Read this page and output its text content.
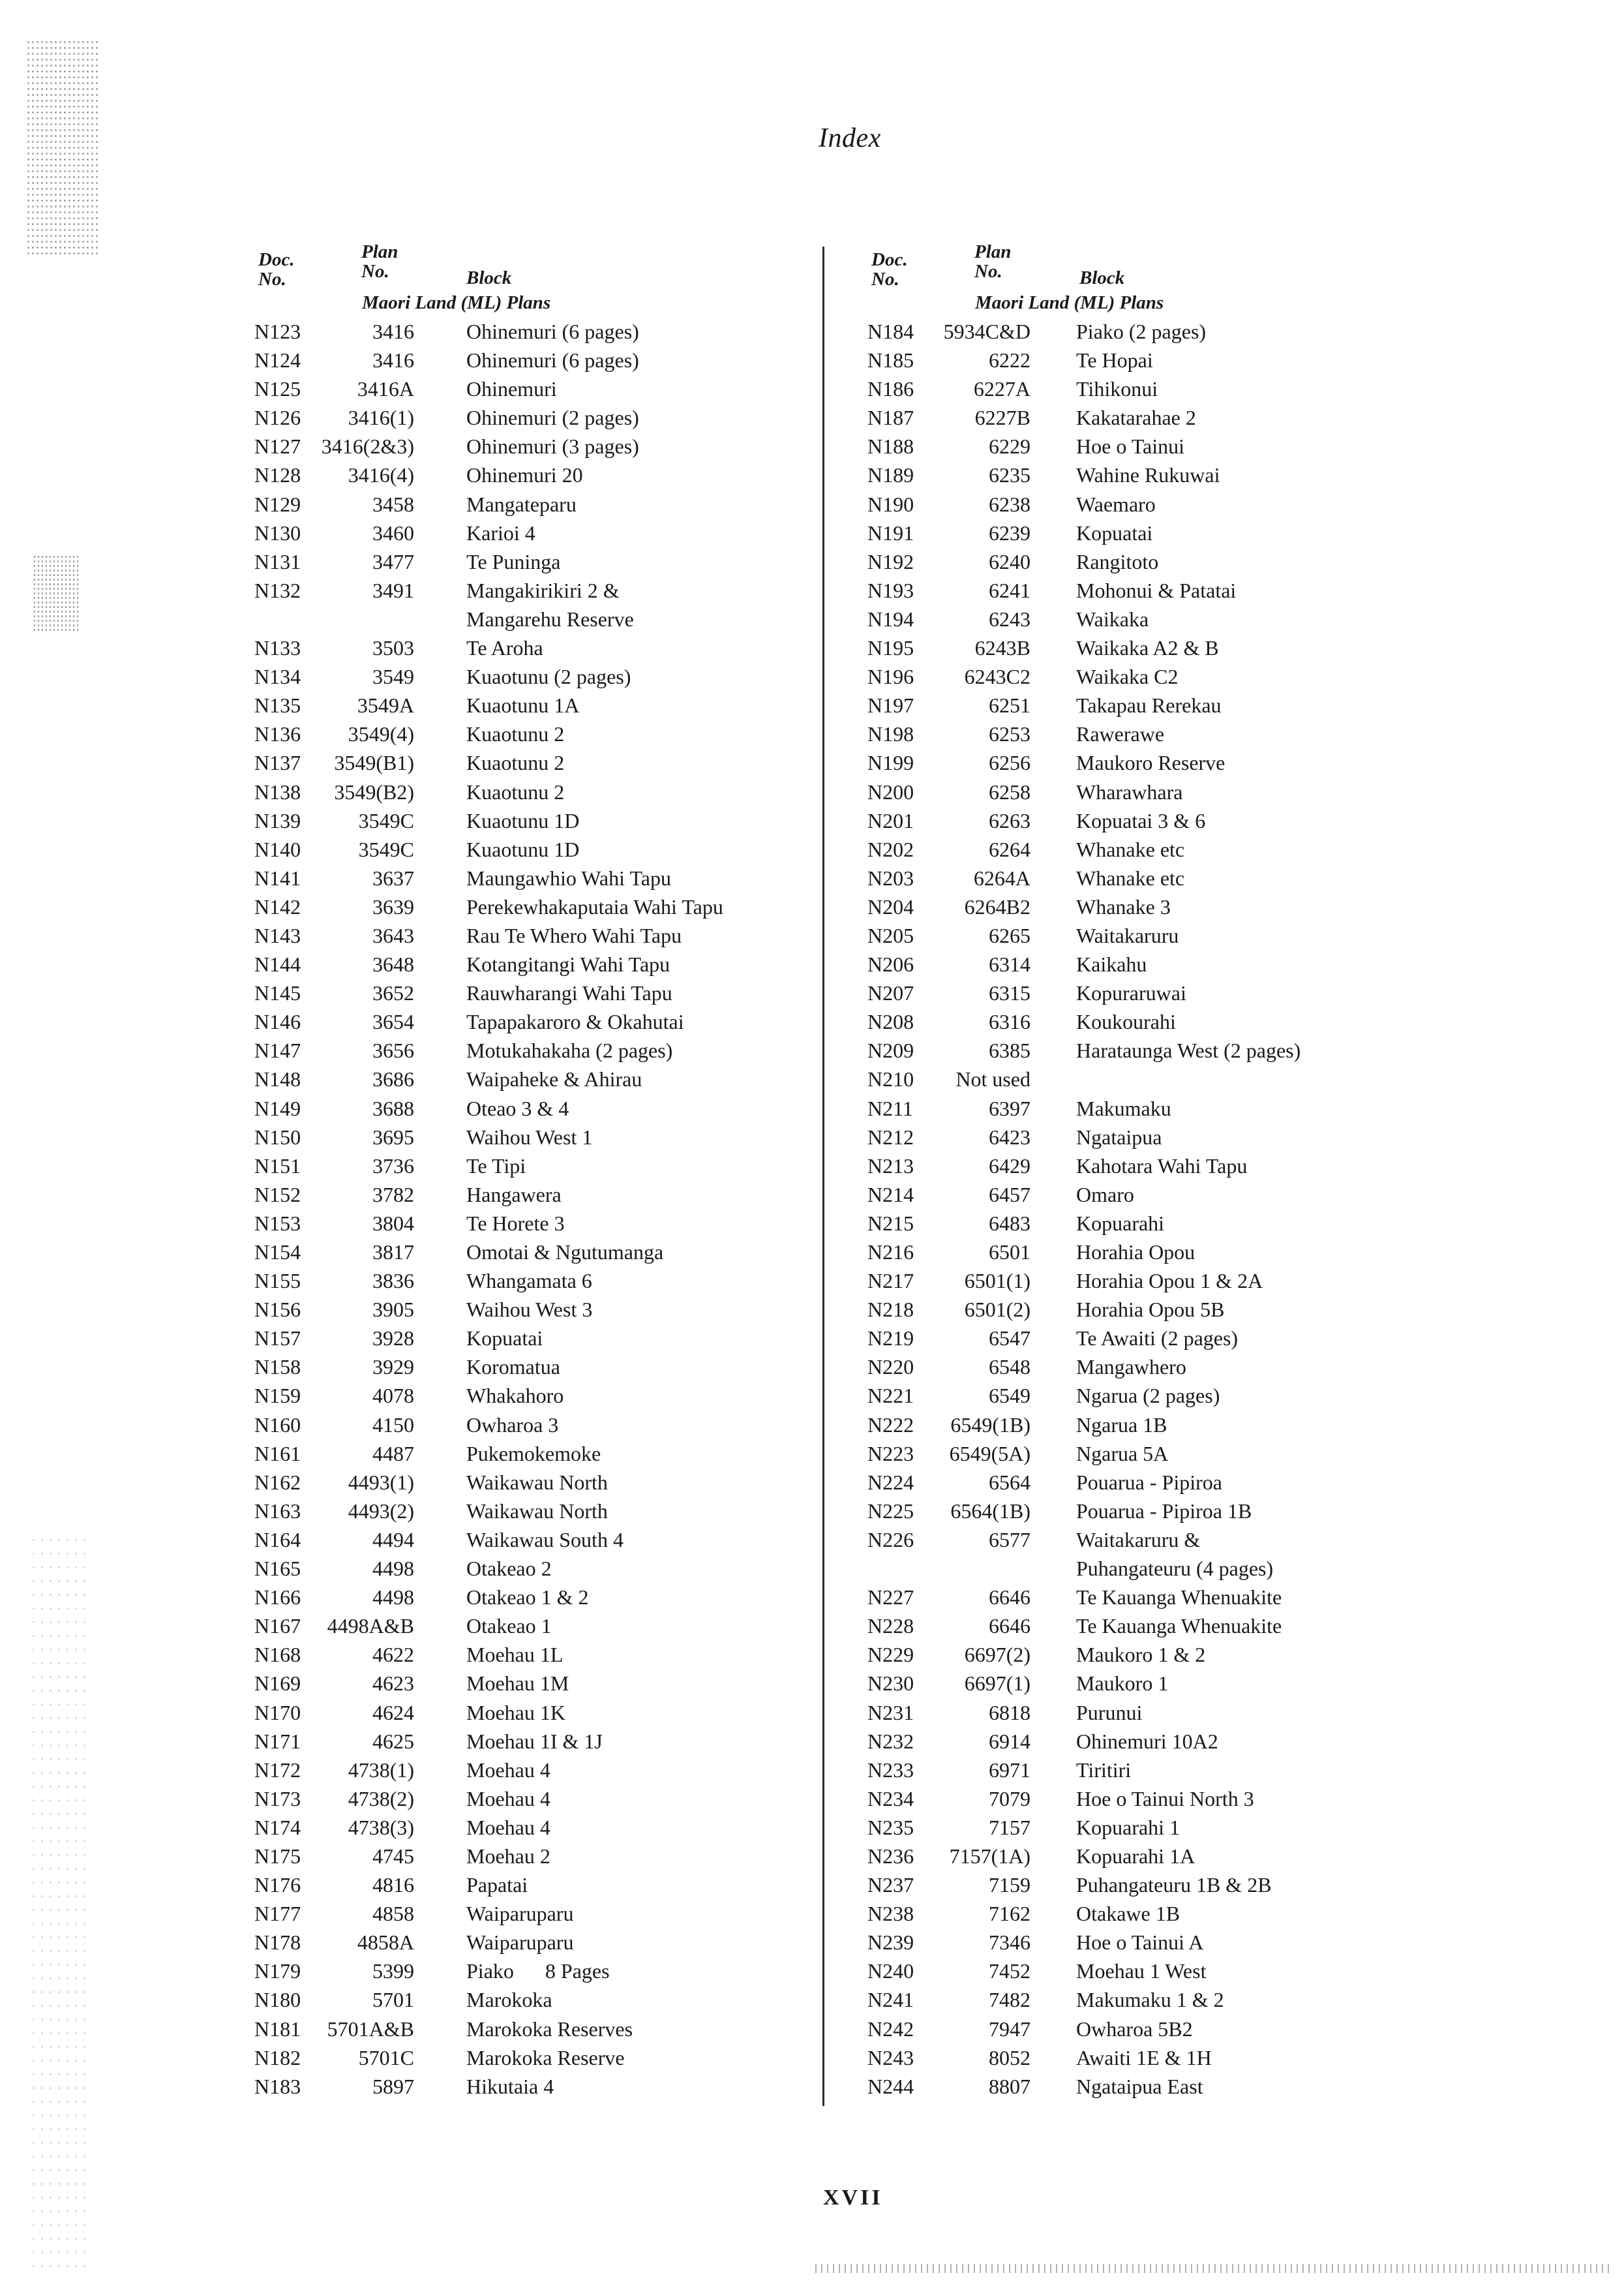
Index
Doc.
No.
Plan
No.	Block
Maori Land (ML) Plans
N123	3416	Ohinemuri (6 pages)
N124	3416	Ohinemuri (6 pages)
N125	3416A	Ohinemuri
N126	3416(1)	Ohinemuri (2 pages)
N127 3416(2&3)	Ohinemuri (3 pages)
N128	3416(4)	Ohinemuri 20
N129	3458	Mangateparu
N130	3460	Karioi 4
N131	3477	Te Puninga
N132	3491	Mangakirikiri 2 &
Mangarehu Reserve
N133	3503	Te Aroha
N134	3549	Kuaotunu (2 pages)
N135	3549A	Kuaotunu 1A
N136	3549(4)	Kuaotunu 2
N137	3549(B1)	Kuaotunu 2
N138	3549(B2)	Kuaotunu 2
N139	3549C	Kuaotunu 1D
N140	3549C	Kuaotunu 1D
N141	3637	Maungawhio Wahi Tapu
N142	3639	Perekewhakaputaia Wahi Tapu
N143	3643	Rau Te Whero Wahi Tapu
N144	3648	Kotangitangi Wahi Tapu
N145	3652	Rauwharangi Wahi Tapu
N146	3654	Tapapakaroro & Okahutai
N147	3656	Motukahakaha (2 pages)
N148	3686	Waipaheke & Ahirau
N149	3688	Oteao 3 & 4
N150	3695	Waihou West 1
N151	3736	Te Tipi
N152	3782	Hangawera
N153	3804	Te Horete 3
N154	3817	Omotai & Ngutumanga
N155	3836	Whangamata 6
N156	3905	Waihou West 3
N157	3928	Kopuatai
N158	3929	Koromatua
N159	4078	Whakahoro
N160	4150	Owharoa 3
N161	4487	Pukemokemoke
N162	4493(1)	Waikawau North
N163	4493(2)	Waikawau North
N164	4494	Waikawau South 4
N165	4498	Otakeao 2
N166	4498	Otakeao 1 & 2
N167	4498A&B	Otakeao 1
N168	4622	Moehau 1L
N169	4623	Moehau 1M
N170	4624	Moehau 1K
N171	4625	Moehau 1I & 1J
N172	4738(1)	Moehau 4
N173	4738(2)	Moehau 4
N174	4738(3)	Moehau 4
N175	4745	Moehau 2
N176	4816	Papatai
N177	4858	Waiparuparu
N178	4858A	Waiparuparu
N179	5399	Piako      8 Pages
N180	5701	Marokoka
N181	5701A&B	Marokoka Reserves
N182	5701C	Marokoka Reserve
N183	5897	Hikutaia 4
Doc.
No.
Plan
No.	Block
Maori Land (ML) Plans
N184	5934C&D Piako (2 pages)
N185	6222 Te Hopai
N186	6227A Tihikonui
N187	6227B Kakatarahae 2
N188	6229 Hoe o Tainui
N189	6235 Wahine Rukuwai
N190	6238 Waemaro
N191	6239 Kopuatai
N192	6240 Rangitoto
N193	6241 Mohonui & Patatai
N194	6243 Waikaka
N195	6243B Waikaka A2 & B
N196	6243C2 Waikaka C2
N197	6251 Takapau Rerekau
N198	6253 Rawerawe
N199	6256 Maukoro Reserve
N200	6258 Wharawhara
N201	6263 Kopuatai 3 & 6
N202	6264 Whanake etc
N203	6264A Whanake etc
N204	6264B2 Whanake 3
N205	6265 Waitakaruru
N206	6314 Kaikahu
N207	6315 Kopuraruwai
N208	6316 Koukourahi
N209	6385 Harataunga West (2 pages)
N210	Not used
N211	6397 Makumaku
N212	6423 Ngataipua
N213	6429 Kahotara Wahi Tapu
N214	6457 Omaro
N215	6483 Kopuarahi
N216	6501 Horahia Opou
N217	6501(1) Horahia Opou 1 & 2A
N218	6501(2) Horahia Opou 5B
N219	6547 Te Awaiti (2 pages)
N220	6548 Mangawhero
N221	6549 Ngarua (2 pages)
N222	6549(1B) Ngarua 1B
N223	6549(5A) Ngarua 5A
N224	6564 Pouarua - Pipiroa
N225	6564(1B) Pouarua - Pipiroa 1B
N226	6577 Waitakaruru &
Puhangateuru (4 pages)
N227	6646 Te Kauanga Whenuakite
N228	6646 Te Kauanga Whenuakite
N229	6697(2) Maukoro 1 & 2
N230	6697(1) Maukoro 1
N231	6818 Purunui
N232	6914 Ohinemuri 10A2
N233	6971 Tiritiri
N234	7079 Hoe o Tainui North 3
N235	7157 Kopuarahi 1
N236	7157(1A) Kopuarahi 1A
N237	7159 Puhangateuru 1B & 2B
N238	7162 Otakawe 1B
N239	7346 Hoe o Tainui A
N240	7452 Moehau 1 West
N241	7482 Makumaku 1 & 2
N242	7947 Owharoa 5B2
N243	8052 Awaiti 1E & 1H
N244	8807 Ngataipua East
XVII
